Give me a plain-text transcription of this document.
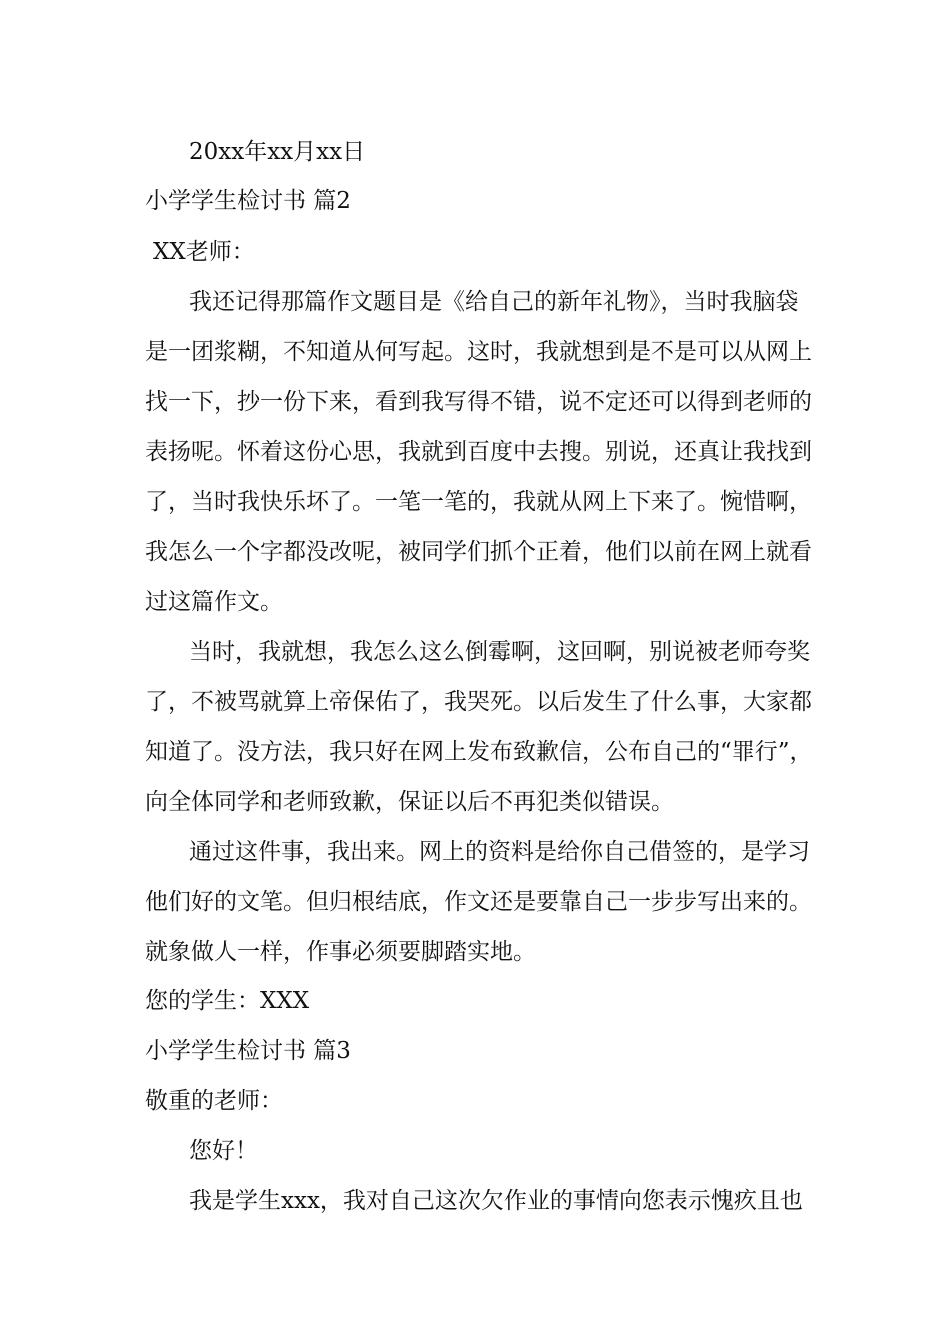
20xx年xx月xx日
小学学生检讨书 篇2
XX老师：
我还记得那篇作文题目是《给自己的新年礼物》，当时我脑袋
是一团浆糊，不知道从何写起。这时，我就想到是不是可以从网上
找一下，抄一份下来，看到我写得不错，说不定还可以得到老师的
表扬呢。怀着这份心思，我就到百度中去搜。别说，还真让我找到
了，当时我快乐坏了。一笔一笔的，我就从网上下来了。惋惜啊，
我怎么一个字都没改呢，被同学们抓个正着，他们以前在网上就看
过这篇作文。
当时，我就想，我怎么这么倒霉啊，这回啊，别说被老师夸奖
了，不被骂就算上帝保佑了，我哭死。以后发生了什么事，大家都
知道了。没方法，我只好在网上发布致歉信，公布自己的“罪行”，
向全体同学和老师致歉，保证以后不再犯类似错误。
通过这件事，我出来。网上的资料是给你自己借签的，是学习
他们好的文笔。但归根结底，作文还是要靠自己一步步写出来的。
就象做人一样，作事必须要脚踏实地。
您的学生：XXX
小学学生检讨书 篇3
敬重的老师：
您好！
我是学生xxx，我对自己这次欠作业的事情向您表示愧疚且也
